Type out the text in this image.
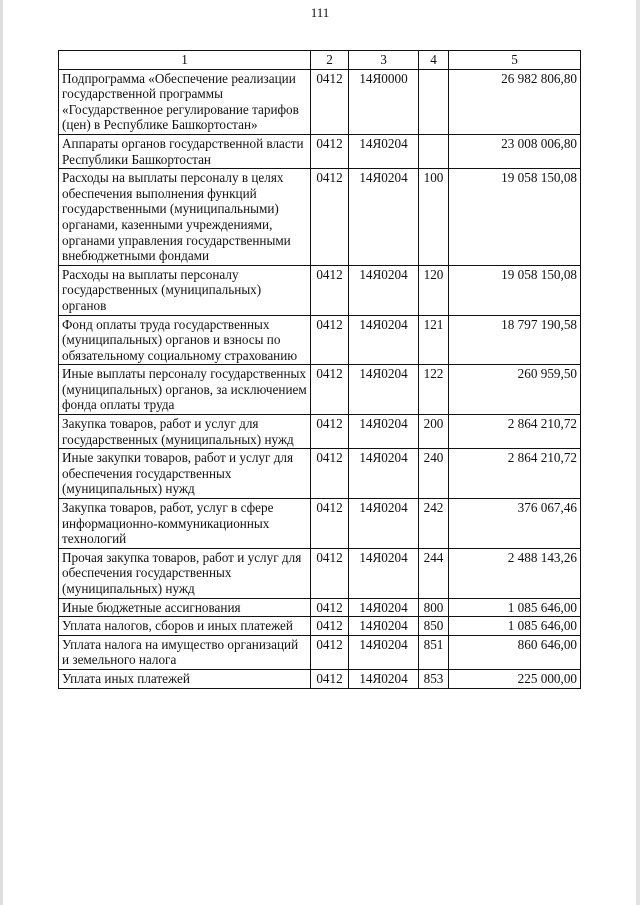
111
1	2	3	4	5
Подпрограмма «Обеспечение реализации государственной программы «Государственное регулирование тарифов (цен) в Республике Башкортостан»	0412	14Я0000		26 982 806,80
Аппараты органов государственной власти Республики Башкортостан	0412	14Я0204		23 008 006,80
Расходы на выплаты персоналу в целях обеспечения выполнения функций государственными (муниципальными) органами, казенными учреждениями, органами управления государственными внебюджетными фондами	0412	14Я0204	100	19 058 150,08
Расходы на выплаты персоналу государственных (муниципальных) органов	0412	14Я0204	120	19 058 150,08
Фонд оплаты труда государственных (муниципальных) органов и взносы по обязательному социальному страхованию	0412	14Я0204	121	18 797 190,58
Иные выплаты персоналу государственных (муниципальных) органов, за исключением фонда оплаты труда	0412	14Я0204	122	260 959,50
Закупка товаров, работ и услуг для государственных (муниципальных) нужд	0412	14Я0204	200	2 864 210,72
Иные закупки товаров, работ и услуг для обеспечения государственных (муниципальных) нужд	0412	14Я0204	240	2 864 210,72
Закупка товаров, работ, услуг в сфере информационно-коммуникационных технологий	0412	14Я0204	242	376 067,46
Прочая закупка товаров, работ и услуг для обеспечения государственных (муниципальных) нужд	0412	14Я0204	244	2 488 143,26
Иные бюджетные ассигнования	0412	14Я0204	800	1 085 646,00
Уплата налогов, сборов и иных платежей	0412	14Я0204	850	1 085 646,00
Уплата налога на имущество организаций и земельного налога	0412	14Я0204	851	860 646,00
Уплата иных платежей	0412	14Я0204	853	225 000,00
